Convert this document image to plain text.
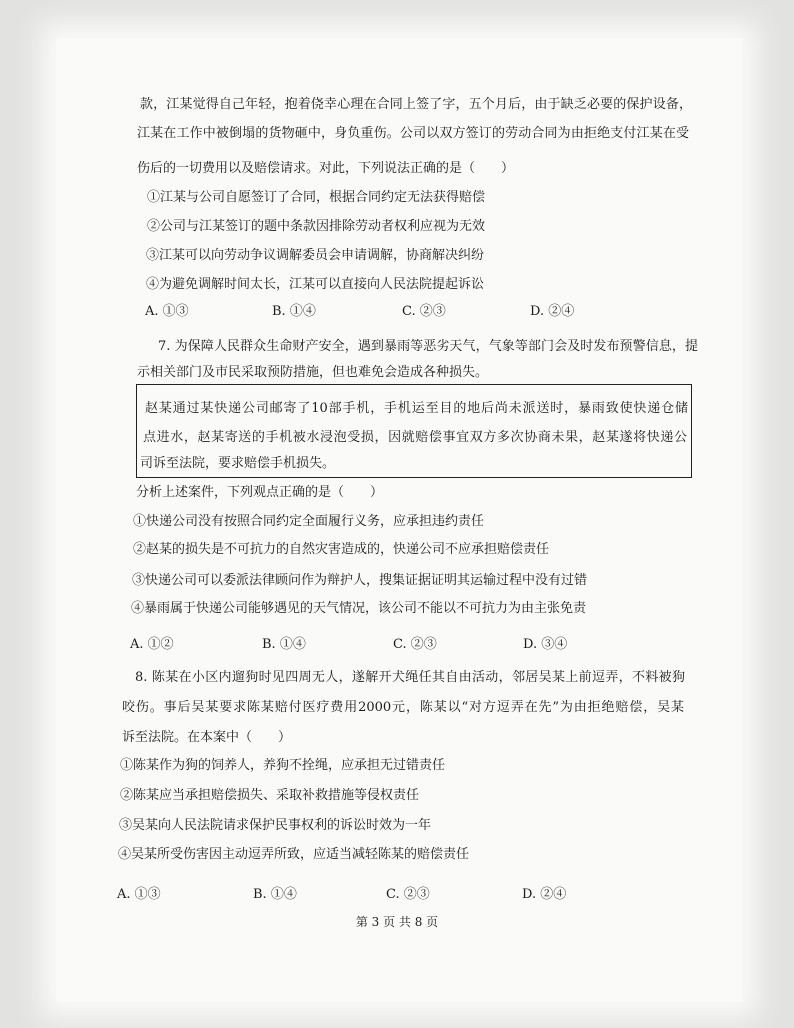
款，江某觉得自己年轻，抱着侥幸心理在合同上签了字，五个月后，由于缺乏必要的保护设备，
江某在工作中被倒塌的货物砸中，身负重伤。公司以双方签订的劳动合同为由拒绝支付江某在受
伤后的一切费用以及赔偿请求。对此，下列说法正确的是（　　）
①江某与公司自愿签订了合同，根据合同约定无法获得赔偿
②公司与江某签订的题中条款因排除劳动者权利应视为无效
③江某可以向劳动争议调解委员会申请调解，协商解决纠纷
④为避免调解时间太长，江某可以直接向人民法院提起诉讼
A. ①③	B. ①④	C. ②③	D. ②④
7. 为保障人民群众生命财产安全，遇到暴雨等恶劣天气，气象等部门会及时发布预警信息，提
示相关部门及市民采取预防措施，但也难免会造成各种损失。
赵某通过某快递公司邮寄了10部手机，手机运至目的地后尚未派送时，暴雨致使快递仓储
点进水，赵某寄送的手机被水浸泡受损，因就赔偿事宜双方多次协商未果，赵某遂将快递公
司诉至法院，要求赔偿手机损失。
分析上述案件，下列观点正确的是（　　）
①快递公司没有按照合同约定全面履行义务，应承担违约责任
②赵某的损失是不可抗力的自然灾害造成的，快递公司不应承担赔偿责任
③快递公司可以委派法律顾问作为辩护人，搜集证据证明其运输过程中没有过错
④暴雨属于快递公司能够遇见的天气情况，该公司不能以不可抗力为由主张免责
A. ①②	B. ①④	C. ②③	D. ③④
8. 陈某在小区内遛狗时见四周无人，遂解开犬绳任其自由活动，邻居吴某上前逗弄，不料被狗
咬伤。事后吴某要求陈某赔付医疗费用2000元，陈某以“对方逗弄在先”为由拒绝赔偿，吴某
诉至法院。在本案中（　　）
①陈某作为狗的饲养人，养狗不拴绳，应承担无过错责任
②陈某应当承担赔偿损失、采取补救措施等侵权责任
③吴某向人民法院请求保护民事权利的诉讼时效为一年
④吴某所受伤害因主动逗弄所致，应适当减轻陈某的赔偿责任
A. ①③	B. ①④	C. ②③	D. ②④
第 3 页 共 8 页
